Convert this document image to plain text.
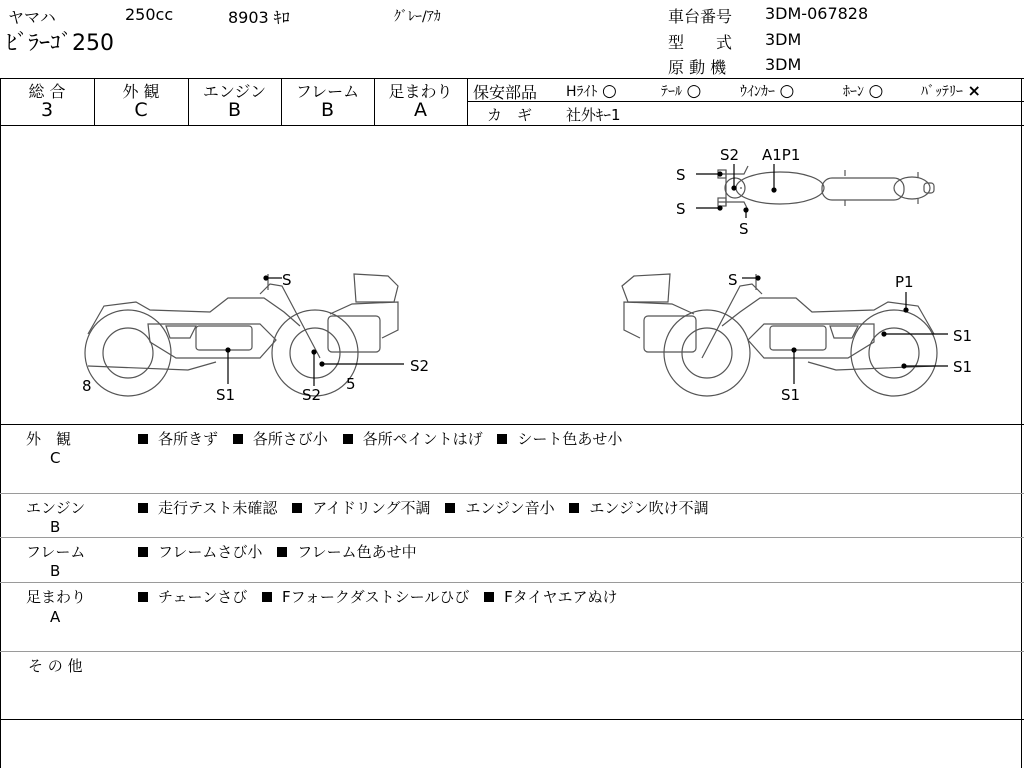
ヤマハ	250cc	8903 ｷﾛ	ｸﾞﾚｰ/ｱｶ
ﾋﾞﾗｰｺﾞ250
車台番号 3DM-067828
型　　式 3DM
原 動 機 3DM
総 合
3
外 観
C
エンジン
B
フレーム
B
足まわり
A
保安部品 Hﾗｲﾄ ○	ﾃｰﾙ ○	ｳｲﾝｶｰ ○	ﾎｰﾝ ○	ﾊﾞｯﾃﾘｰ ×
カ　ギ 社外ｷｰ1
S2 A1P1
S
S
S
S
S1	S2
S2
8	5
S	P1
S1
S1
S1
外　観
C
各所きず 各所さび小 各所ペイントはげ シート色あせ小
エンジン
B
走行テスト未確認 アイドリング不調 エンジン音小 エンジン吹け不調
フレーム
B
フレームさび小 フレーム色あせ中
足まわり
A
チェーンさび Fフォークダストシールひび Fタイヤエアぬけ
そ の 他
